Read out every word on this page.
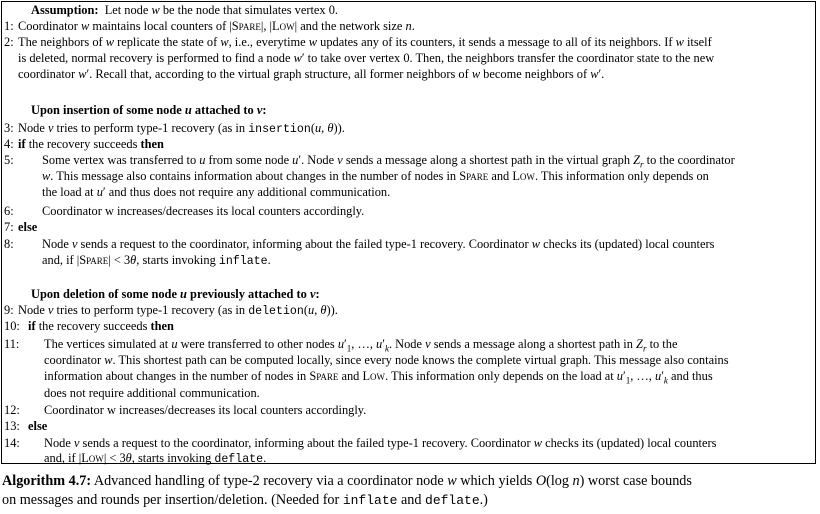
Assumption: Let node w be the node that simulates vertex 0.
1: Coordinator w maintains local counters of |Spare|, |Low| and the network size n.
2: The neighbors of w replicate the state of w, i.e., everytime w updates any of its counters, it sends a message to all of its neighbors. If w itself
is deleted, normal recovery is performed to find a node w′ to take over vertex 0. Then, the neighbors transfer the coordinator state to the new
coordinator w′. Recall that, according to the virtual graph structure, all former neighbors of w become neighbors of w′.
Upon insertion of some node u attached to v:
3: Node v tries to perform type-1 recovery (as in insertion(u, θ)).
4: if the recovery succeeds then
5: Some vertex was transferred to u from some node u′. Node v sends a message along a shortest path in the virtual graph $Z_r$ to the coordinator
w. This message also contains information about changes in the number of nodes in Spare and Low. This information only depends on
the load at u′ and thus does not require any additional communication.
6: Coordinator w increases/decreases its local counters accordingly.
7: else
8: Node v sends a request to the coordinator, informing about the failed type-1 recovery. Coordinator w checks its (updated) local counters
and, if |Spare| < 3θ, starts invoking inflate.
Upon deletion of some node u previously attached to v:
9: Node v tries to perform type-1 recovery (as in deletion(u, θ)).
10: if the recovery succeeds then
11: The vertices simulated at u were transferred to other nodes $u'_1$, …, $u'_k$. Node v sends a message along a shortest path in $Z_r$ to the
coordinator w. This shortest path can be computed locally, since every node knows the complete virtual graph. This message also contains
information about changes in the number of nodes in Spare and Low. This information only depends on the load at $u'_1$, …, $u'_k$ and thus
does not require additional communication.
12: Coordinator w increases/decreases its local counters accordingly.
13: else
14: Node v sends a request to the coordinator, informing about the failed type-1 recovery. Coordinator w checks its (updated) local counters
and, if |Low| < 3θ, starts invoking deflate.
Algorithm 4.7: Advanced handling of type-2 recovery via a coordinator node w which yields O(log n) worst case bounds
on messages and rounds per insertion/deletion. (Needed for inflate and deflate.)
